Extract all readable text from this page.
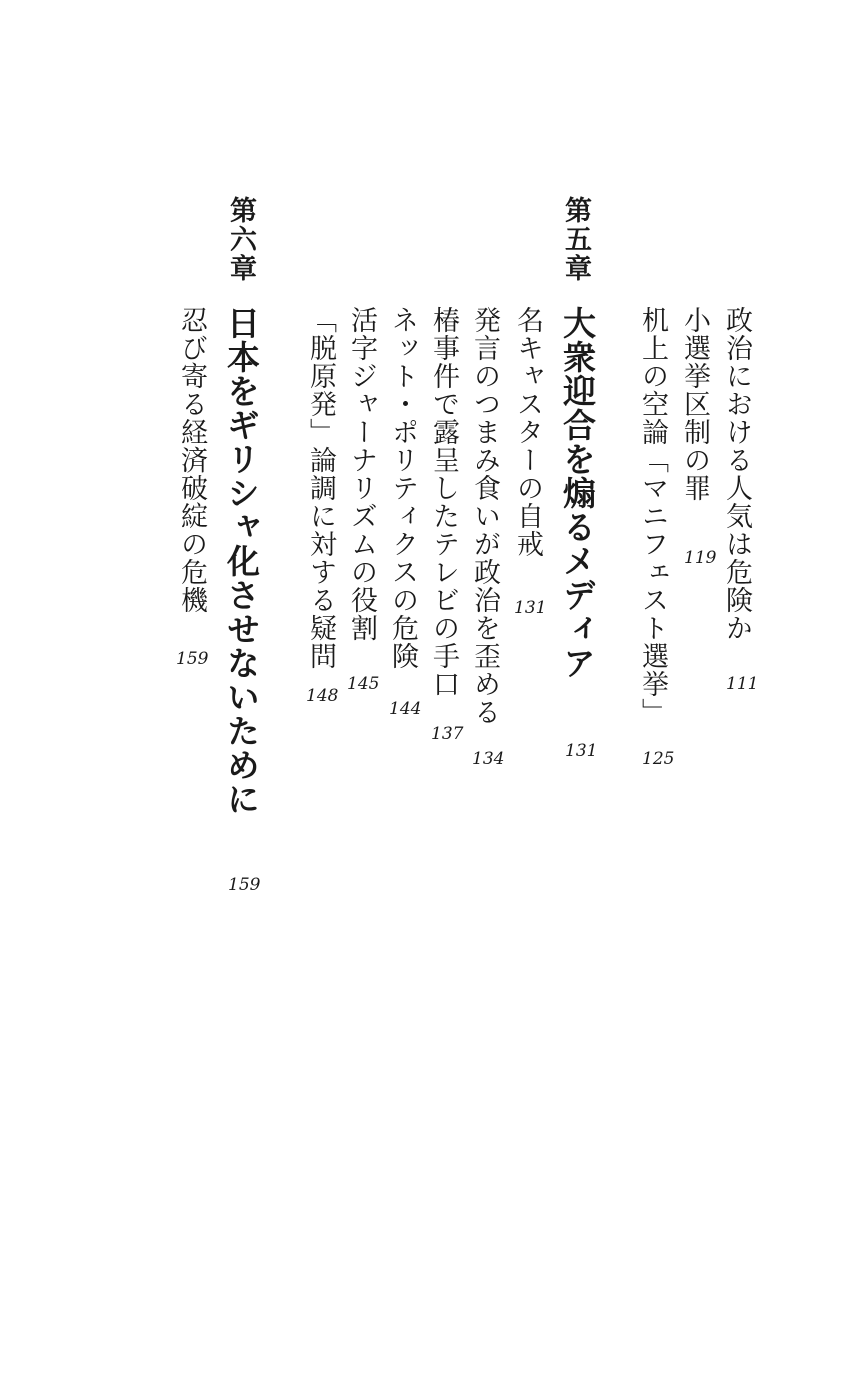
政治における人気は危険か
111
小選挙区制の罪
119
机上の空論「マニフェスト選挙」
125
第五章
大衆迎合を煽るメディア
131
名キャスターの自戒
131
発言のつまみ食いが政治を歪める
134
椿事件で露呈したテレビの手口
137
ネット・ポリティクスの危険
144
活字ジャーナリズムの役割
145
「脱原発」論調に対する疑問
148
第六章
日本をギリシャ化させないために
159
忍び寄る経済破綻の危機
159
